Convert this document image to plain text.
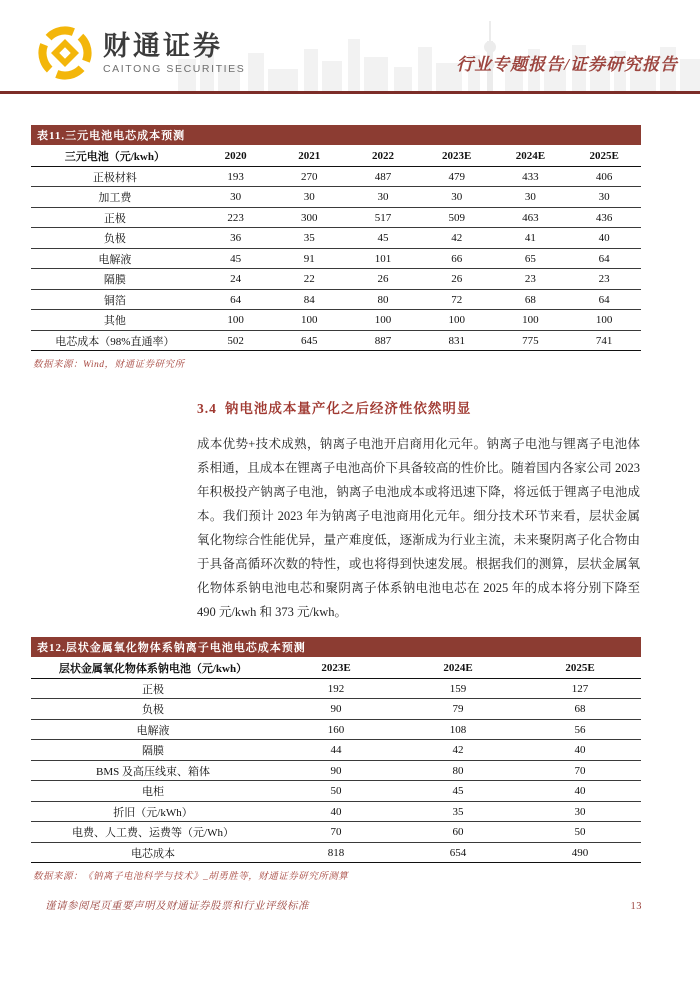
财通证券
CAITONG SECURITIES	行业专题报告/证券研究报告
表11.三元电池电芯成本预测
三元电池（元/kwh）	2020	2021	2022	2023E	2024E	2025E
正极材料	193	270	487	479	433	406
加工费	30	30	30	30	30	30
正极	223	300	517	509	463	436
负极	36	35	45	42	41	40
电解液	45	91	101	66	65	64
隔膜	24	22	26	26	23	23
铜箔	64	84	80	72	68	64
其他	100	100	100	100	100	100
电芯成本（98%直通率）	502	645	887	831	775	741
数据来源：Wind，财通证券研究所
3.4 钠电池成本量产化之后经济性依然明显
成本优势+技术成熟，钠离子电池开启商用化元年。钠离子电池与锂离子电池体系相通，且成本在锂离子电池高价下具备较高的性价比。随着国内各家公司 2023 年积极投产钠离子电池，钠离子电池成本或将迅速下降，将远低于锂离子电池成本。我们预计 2023 年为钠离子电池商用化元年。细分技术环节来看，层状金属氧化物综合性能优异，量产难度低，逐渐成为行业主流，未来聚阴离子化合物由于具备高循环次数的特性，或也将得到快速发展。根据我们的测算，层状金属氧化物体系钠电池电芯和聚阴离子体系钠电池电芯在 2025 年的成本将分别下降至 490 元/kwh 和 373 元/kwh。
表12.层状金属氧化物体系钠离子电池电芯成本预测
层状金属氧化物体系钠电池（元/kwh）	2023E	2024E	2025E
正极	192	159	127
负极	90	79	68
电解液	160	108	56
隔膜	44	42	40
BMS 及高压线束、箱体	90	80	70
电柜	50	45	40
折旧（元/kWh）	40	35	30
电费、人工费、运费等（元/Wh）	70	60	50
电芯成本	818	654	490
数据来源：《钠离子电池科学与技术》_胡勇胜等，财通证券研究所测算
谨请参阅尾页重要声明及财通证券股票和行业评级标准	13
